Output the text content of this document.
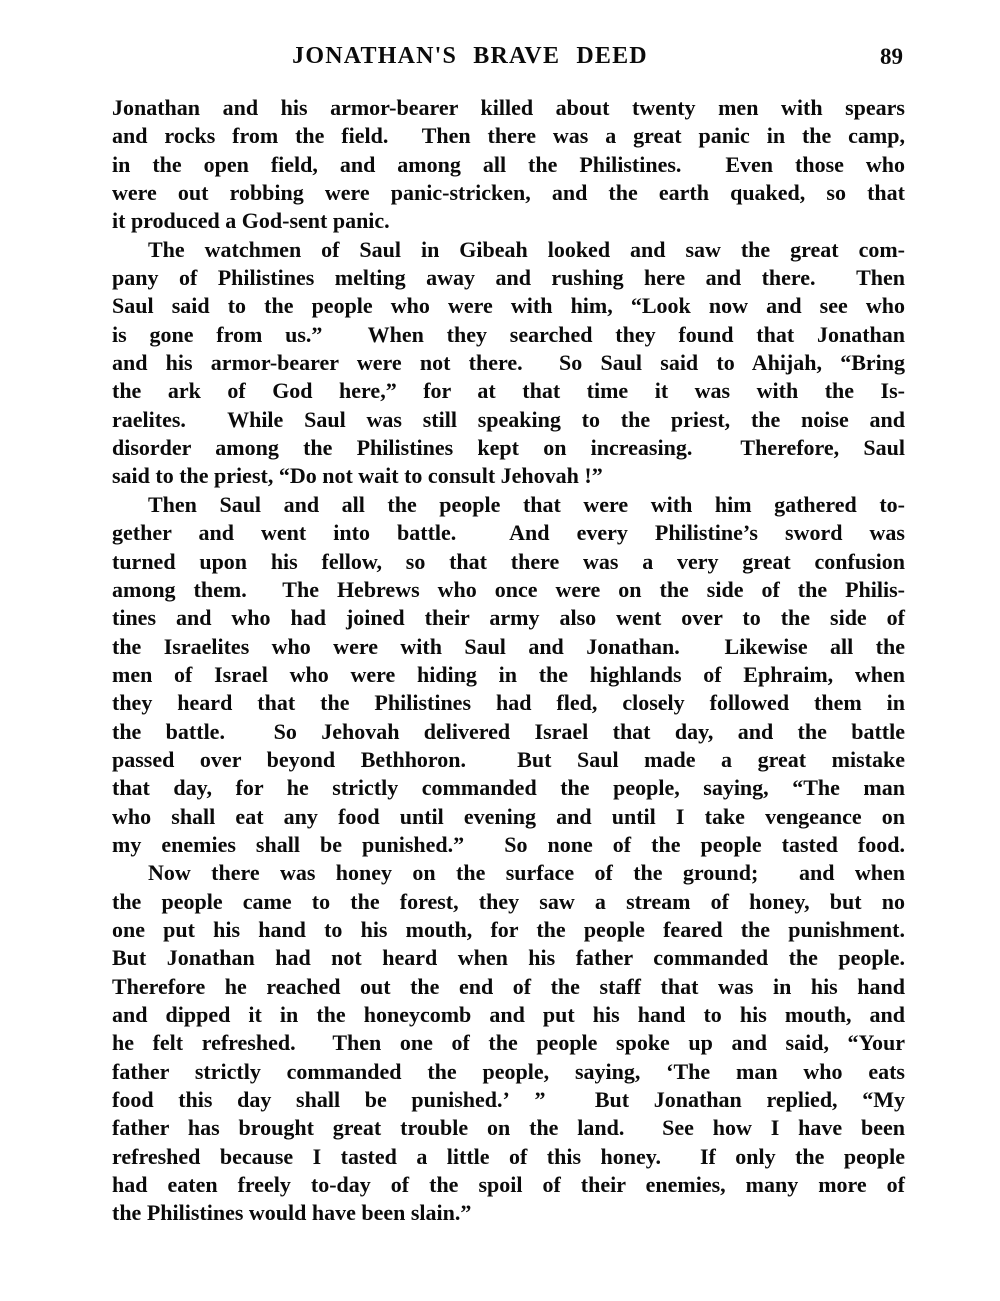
JONATHAN'S BRAVE DEED	89
Jonathan and his armor-bearer killed about twenty men with spears
and rocks from the field.  Then there was a great panic in the camp,
in the open field, and among all the Philistines.  Even those who
were out robbing were panic-stricken, and the earth quaked, so that
it produced a God-sent panic.
The watchmen of Saul in Gibeah looked and saw the great com-
pany of Philistines melting away and rushing here and there.  Then
Saul said to the people who were with him, “Look now and see who
is gone from us.”  When they searched they found that Jonathan
and his armor-bearer were not there.  So Saul said to Ahijah, “Bring
the ark of God here,” for at that time it was with the Is-
raelites.  While Saul was still speaking to the priest, the noise and
disorder among the Philistines kept on increasing.  Therefore, Saul
said to the priest, “Do not wait to consult Jehovah !”
Then Saul and all the people that were with him gathered to-
gether and went into battle.  And every Philistine’s sword was
turned upon his fellow, so that there was a very great confusion
among them.  The Hebrews who once were on the side of the Philis-
tines and who had joined their army also went over to the side of
the Israelites who were with Saul and Jonathan.  Likewise all the
men of Israel who were hiding in the highlands of Ephraim, when
they heard that the Philistines had fled, closely followed them in
the battle.  So Jehovah delivered Israel that day, and the battle
passed over beyond Bethhoron.  But Saul made a great mistake
that day, for he strictly commanded the people, saying, “The man
who shall eat any food until evening and until I take vengeance on
my enemies shall be punished.”  So none of the people tasted food.
Now there was honey on the surface of the ground;  and when
the people came to the forest, they saw a stream of honey, but no
one put his hand to his mouth, for the people feared the punishment.
But Jonathan had not heard when his father commanded the people.
Therefore he reached out the end of the staff that was in his hand
and dipped it in the honeycomb and put his hand to his mouth, and
he felt refreshed.  Then one of the people spoke up and said, “Your
father strictly commanded the people, saying, ‘The man who eats
food this day shall be punished.’ ”  But Jonathan replied, “My
father has brought great trouble on the land.  See how I have been
refreshed because I tasted a little of this honey.  If only the people
had eaten freely to-day of the spoil of their enemies, many more of
the Philistines would have been slain.”
